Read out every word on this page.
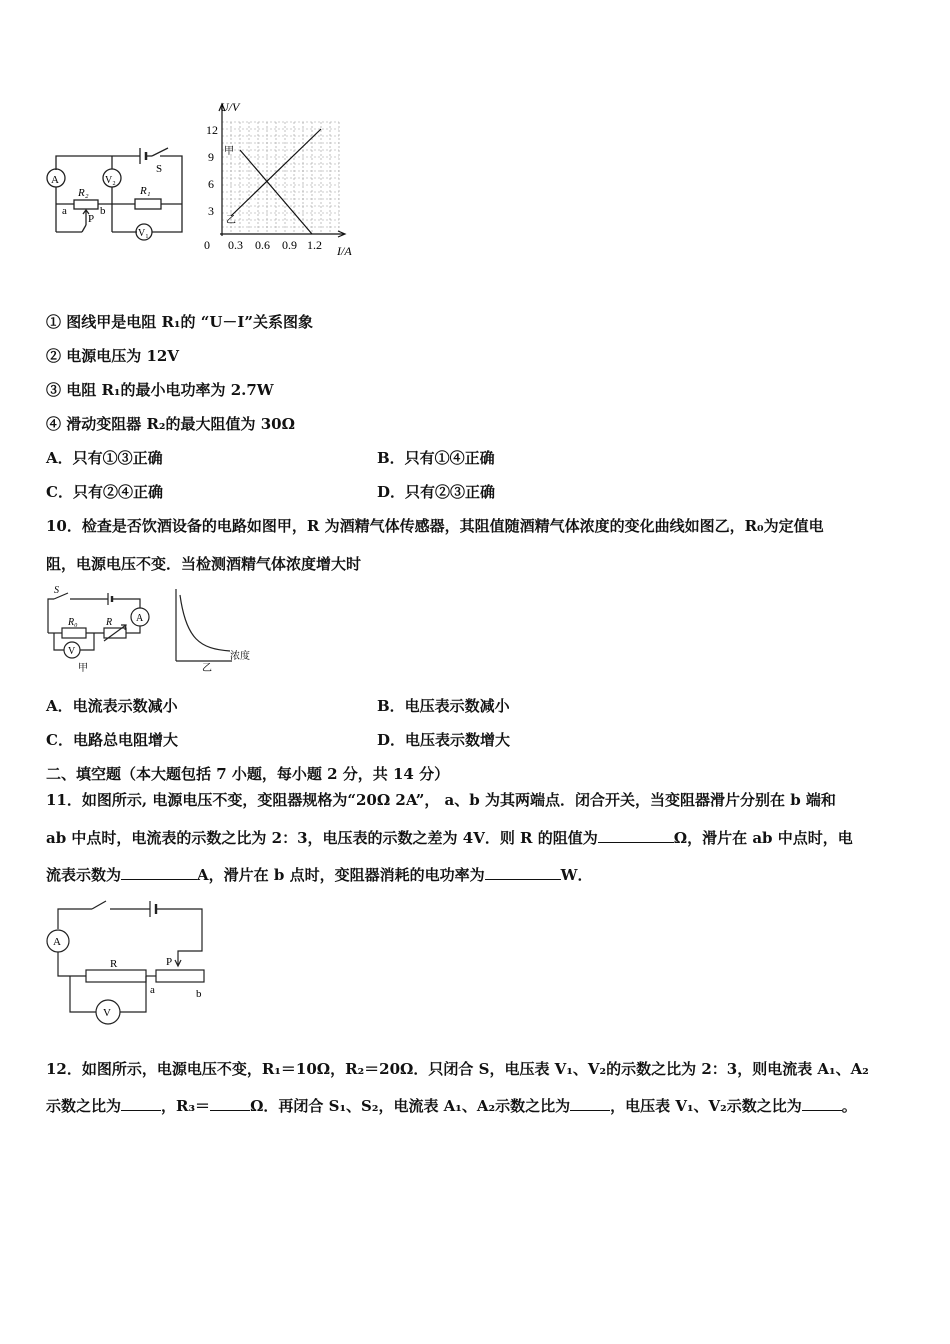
A	V₂
V₁
R₂	R₁
S
a	b
P
U/V
12
9
6
3
0 0.3 0.6 0.9 1.2 I/A
甲
乙
① 图线甲是电阻 R₁的 “U－I”关系图象
② 电源电压为 12V
③ 电阻 R₁的最小电功率为 2.7W
④ 滑动变阻器 R₂的最大阻值为 30Ω
A．只有①③正确	B．只有①④正确
C．只有②④正确	D．只有②③正确
10．检查是否饮酒设备的电路如图甲，R 为酒精气体传感器，其阻值随酒精气体浓度的变化曲线如图乙，R₀为定值电
阻，电源电压不变．当检测酒精气体浓度增大时
S
R₀	R A
V
甲	乙
浓度
A．电流表示数减小	B．电压表示数减小
C．电路总电阻增大	D．电压表示数增大
二、填空题（本大题包括 7 小题，每小题 2 分，共 14 分）
11．如图所示, 电源电压不变，变阻器规格为“20Ω 2A”， a、b 为其两端点．闭合开关，当变阻器滑片分别在 b 端和
ab 中点时，电流表的示数之比为 2：3，电压表的示数之差为 4V．则 R 的阻值为	Ω，滑片在 ab 中点时，电
流表示数为	A，滑片在 b 点时，变阻器消耗的电功率为	W．
A
V
R	P
a	b
12．如图所示，电源电压不变，R₁＝10Ω，R₂＝20Ω．只闭合 S，电压表 V₁、V₂的示数之比为 2：3，则电流表 A₁、A₂
示数之比为	，R₃＝	Ω．再闭合 S₁、S₂，电流表 A₁、A₂示数之比为	，电压表 V₁、V₂示数之比为	。
